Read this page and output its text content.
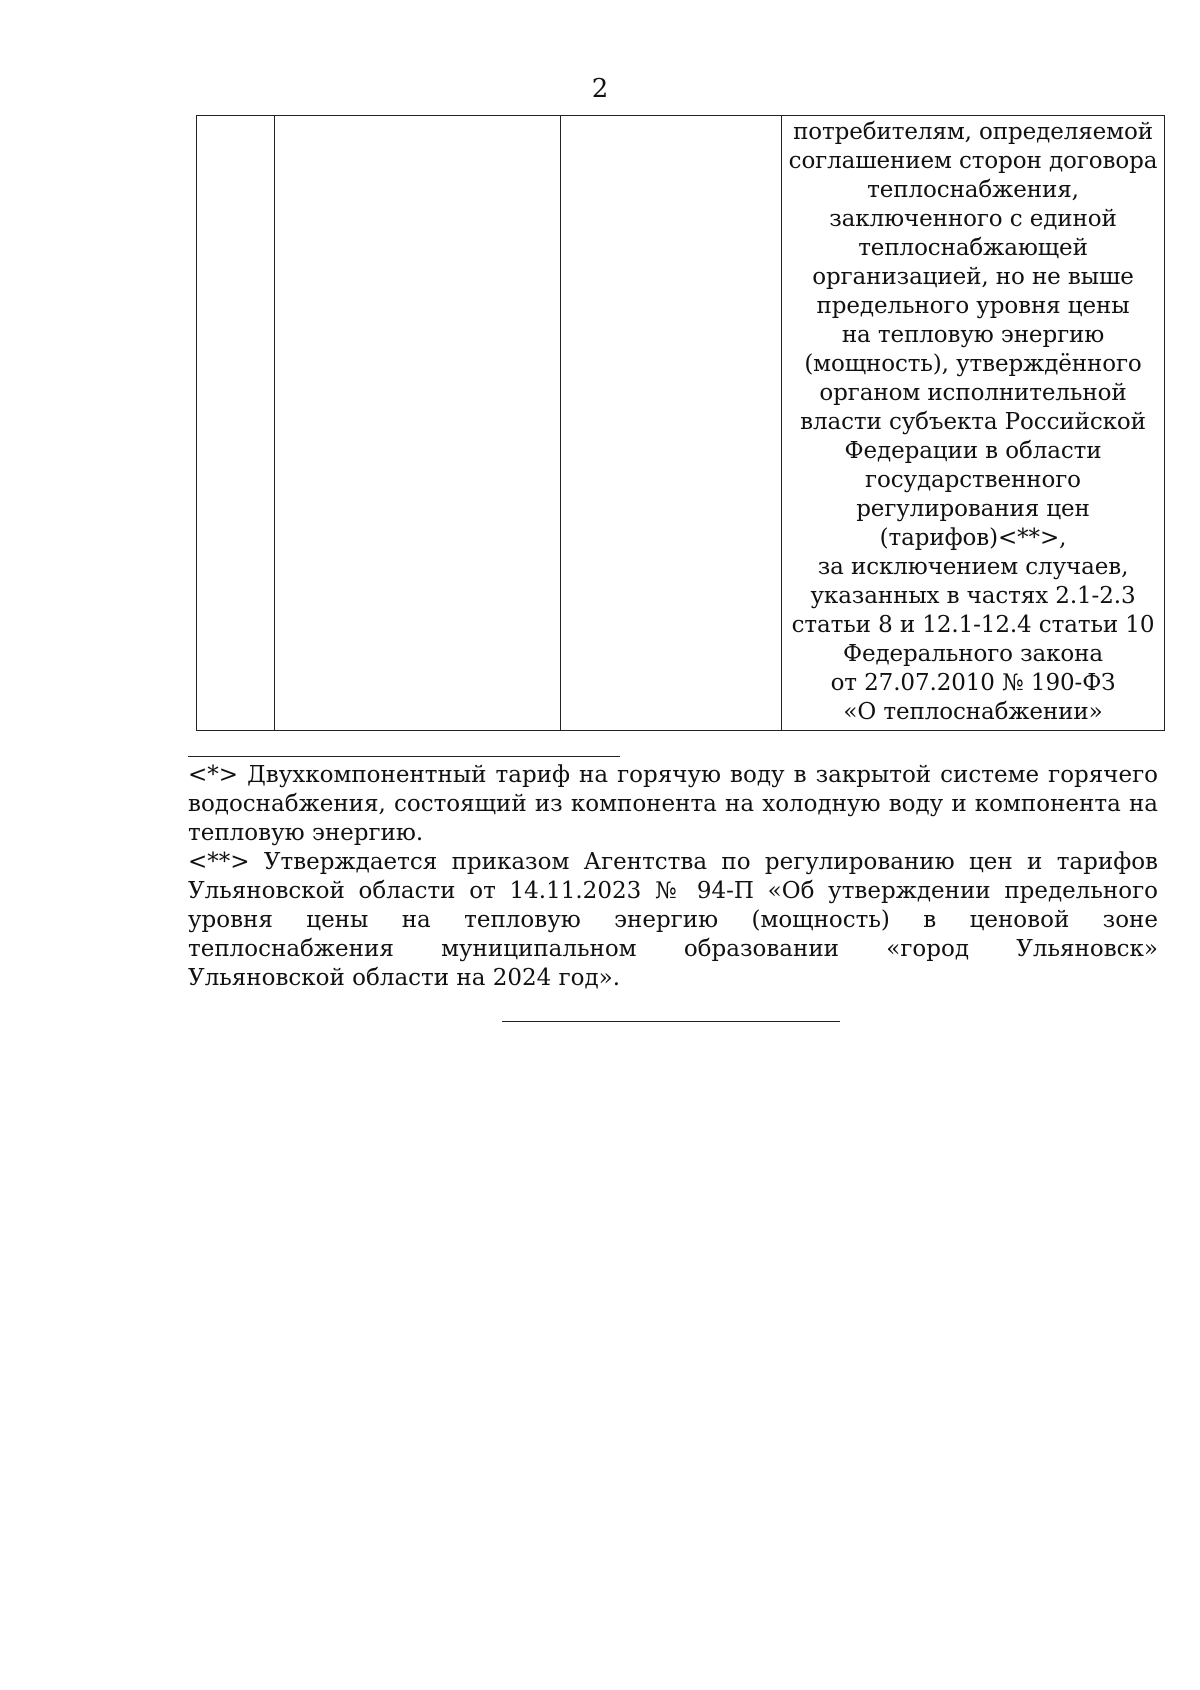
2

потребителям, определяемой
соглашением сторон договора
теплоснабжения,
заключенного с единой
теплоснабжающей
организацией, но не выше
предельного уровня цены
на тепловую энергию
(мощность), утверждённого
органом исполнительной
власти субъекта Российской
Федерации в области
государственного
регулирования цен
(тарифов)<**>,
за исключением случаев,
указанных в частях 2.1-2.3
статьи 8 и 12.1-12.4 статьи 10
Федерального закона
от 27.07.2010 № 190-ФЗ
«О теплоснабжении»
<*> Двухкомпонентный тариф на горячую воду в закрытой системе горячего водоснабжения, состоящий из компонента на холодную воду и компонента на тепловую энергию.
<**> Утверждается приказом Агентства по регулированию цен и тарифов Ульяновской области от 14.11.2023 № 94-П «Об утверждении предельного уровня цены на тепловую энергию (мощность) в ценовой зоне теплоснабжения муниципальном образовании «город Ульяновск» Ульяновской области на 2024 год».
